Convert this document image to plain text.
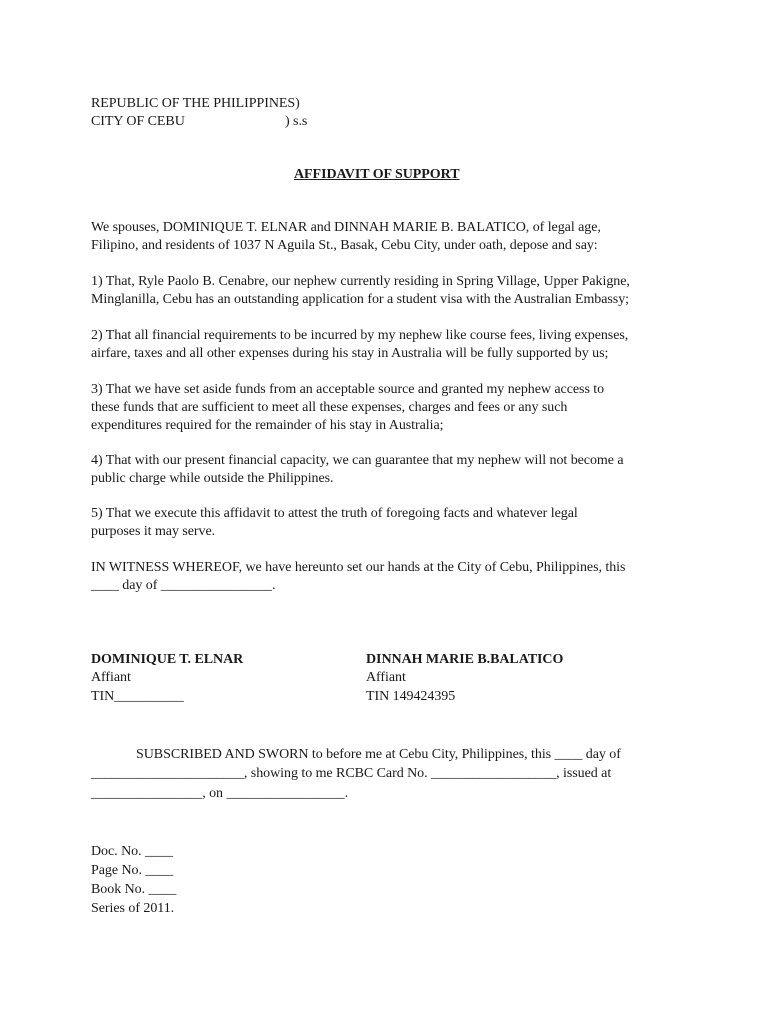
REPUBLIC OF THE PHILIPPINES)
CITY OF CEBU	) s.s
AFFIDAVIT OF SUPPORT
We spouses, DOMINIQUE T. ELNAR and DINNAH MARIE B. BALATICO, of legal age,
Filipino, and residents of 1037 N Aguila St., Basak, Cebu City, under oath, depose and say:
1) That, Ryle Paolo B. Cenabre, our nephew currently residing in Spring Village, Upper Pakigne,
Minglanilla, Cebu has an outstanding application for a student visa with the Australian Embassy;
2) That all financial requirements to be incurred by my nephew like course fees, living expenses,
airfare, taxes and all other expenses during his stay in Australia will be fully supported by us;
3) That we have set aside funds from an acceptable source and granted my nephew access to
these funds that are sufficient to meet all these expenses, charges and fees or any such
expenditures required for the remainder of his stay in Australia;
4) That with our present financial capacity, we can guarantee that my nephew will not become a
public charge while outside the Philippines.
5) That we execute this affidavit to attest the truth of foregoing facts and whatever legal
purposes it may serve.
IN WITNESS WHEREOF, we have hereunto set our hands at the City of Cebu, Philippines, this
____ day of ________________.
DOMINIQUE T. ELNAR
Affiant
TIN__________
DINNAH MARIE B.BALATICO
Affiant
TIN 149424395
SUBSCRIBED AND SWORN to before me at Cebu City, Philippines, this ____ day of
______________________, showing to me RCBC Card No. __________________, issued at
________________, on _________________.
Doc. No. ____
Page No. ____
Book No. ____
Series of 2011.
